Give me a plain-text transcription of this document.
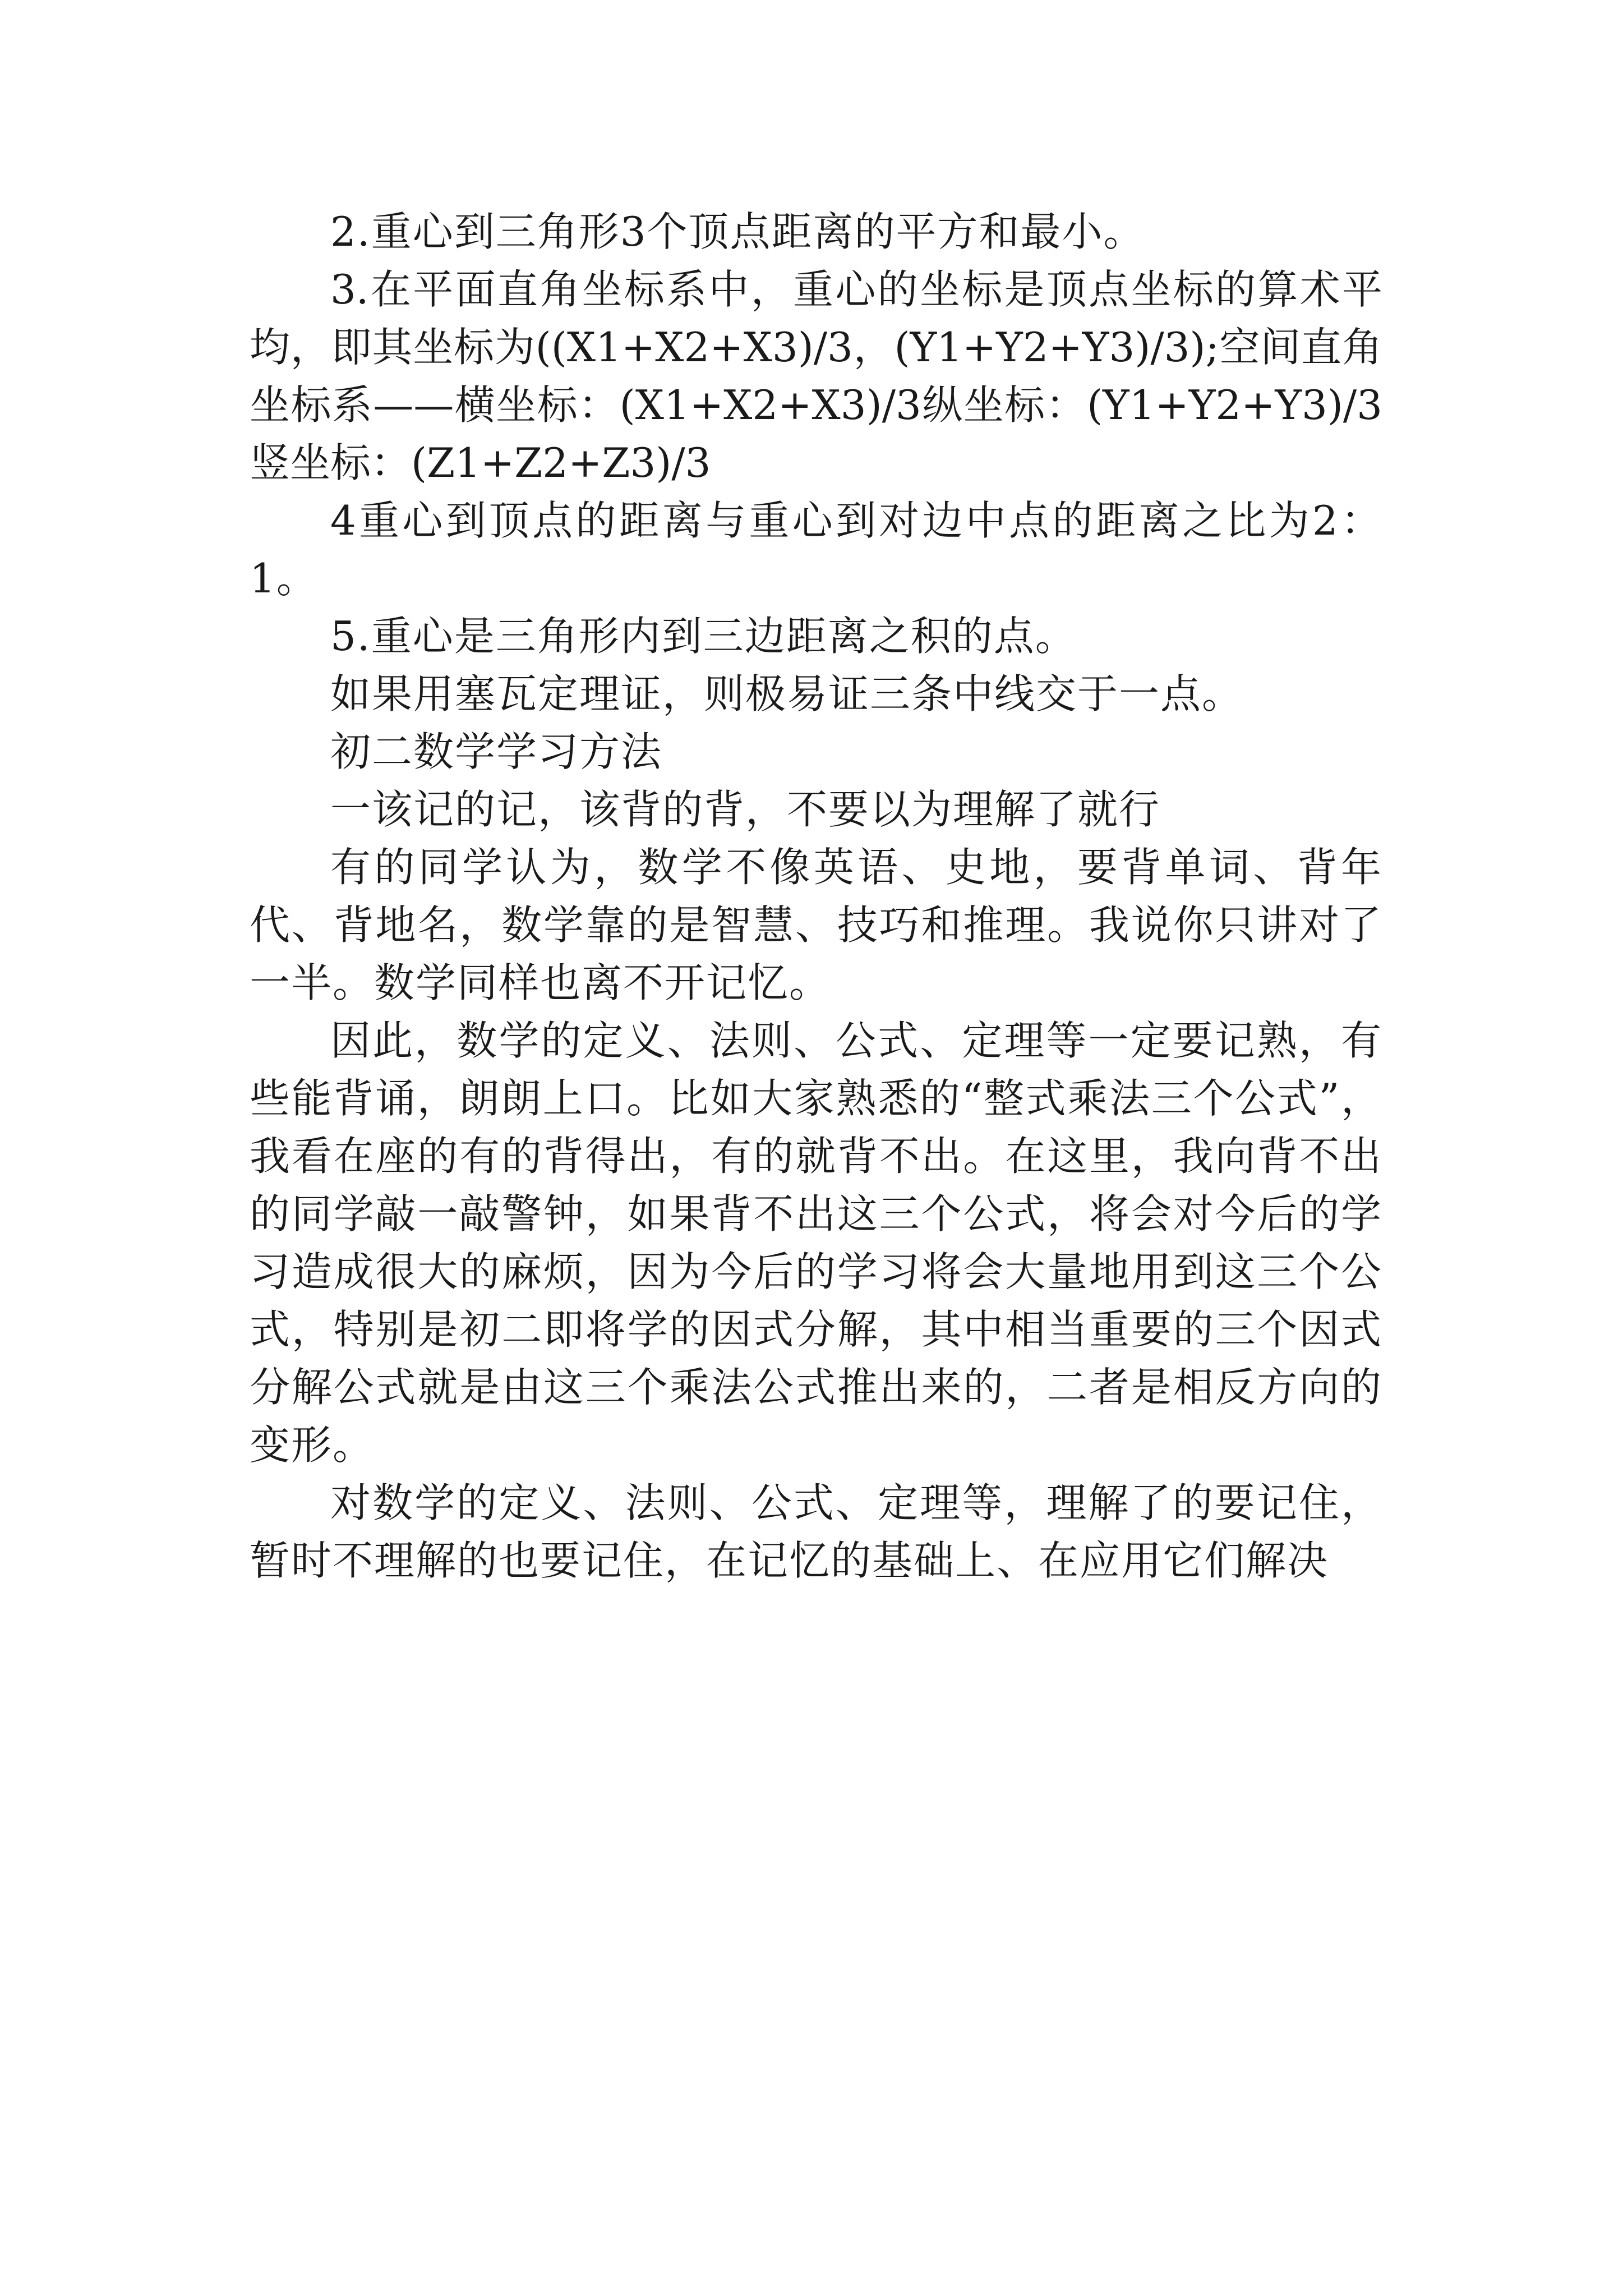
2.重心到三角形3个顶点距离的平方和最小。

3.在平面直角坐标系中，重心的坐标是顶点坐标的算术平均，即其坐标为((X1+X2+X3)/3，(Y1+Y2+Y3)/3);空间直角坐标系——横坐标：(X1+X2+X3)/3纵坐标：(Y1+Y2+Y3)/3竖坐标：(Z1+Z2+Z3)/3

4重心到顶点的距离与重心到对边中点的距离之比为2：1。

5.重心是三角形内到三边距离之积的点。

如果用塞瓦定理证，则极易证三条中线交于一点。

初二数学学习方法

一该记的记，该背的背，不要以为理解了就行

有的同学认为，数学不像英语、史地，要背单词、背年代、背地名，数学靠的是智慧、技巧和推理。我说你只讲对了一半。数学同样也离不开记忆。

因此，数学的定义、法则、公式、定理等一定要记熟，有些能背诵，朗朗上口。比如大家熟悉的“整式乘法三个公式”，我看在座的有的背得出，有的就背不出。在这里，我向背不出的同学敲一敲警钟，如果背不出这三个公式，将会对今后的学习造成很大的麻烦，因为今后的学习将会大量地用到这三个公式，特别是初二即将学的因式分解，其中相当重要的三个因式分解公式就是由这三个乘法公式推出来的，二者是相反方向的变形。

对数学的定义、法则、公式、定理等，理解了的要记住，暂时不理解的也要记住，在记忆的基础上、在应用它们解决
